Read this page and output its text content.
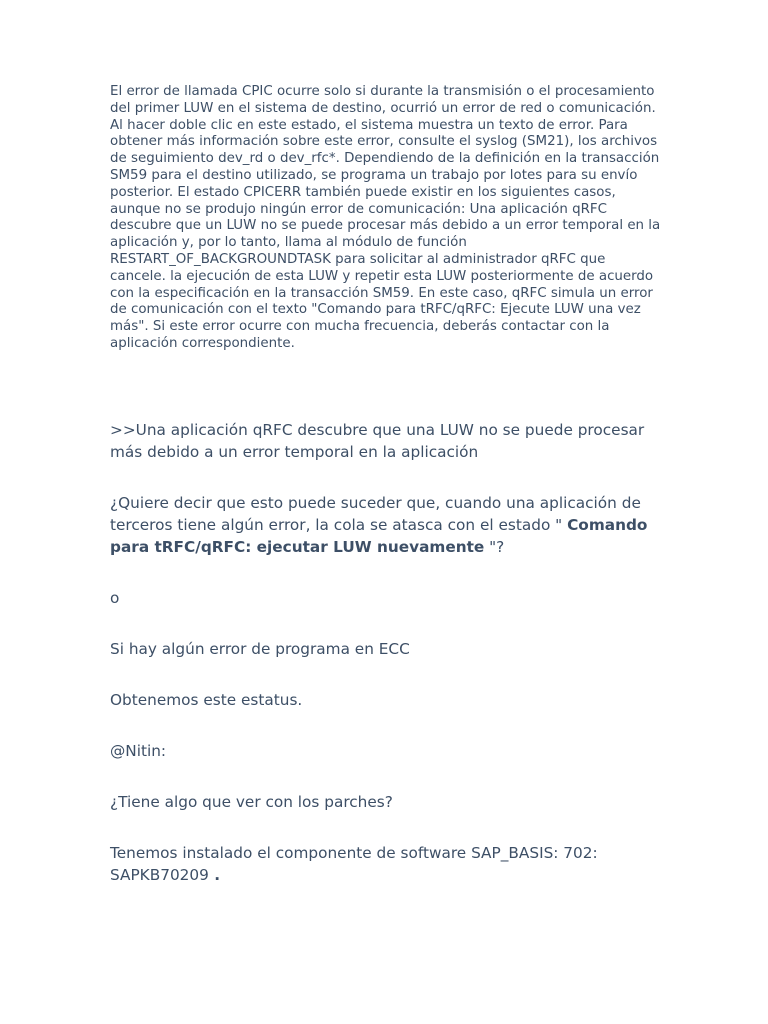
El error de llamada CPIC ocurre solo si durante la transmisión o el procesamiento del primer LUW en el sistema de destino, ocurrió un error de red o comunicación. Al hacer doble clic en este estado, el sistema muestra un texto de error. Para obtener más información sobre este error, consulte el syslog (SM21), los archivos de seguimiento dev_rd o dev_rfc*. Dependiendo de la definición en la transacción SM59 para el destino utilizado, se programa un trabajo por lotes para su envío posterior. El estado CPICERR también puede existir en los siguientes casos, aunque no se produjo ningún error de comunicación: Una aplicación qRFC descubre que un LUW no se puede procesar más debido a un error temporal en la aplicación y, por lo tanto, llama al módulo de función RESTART_OF_BACKGROUNDTASK para solicitar al administrador qRFC que cancele. la ejecución de esta LUW y repetir esta LUW posteriormente de acuerdo con la especificación en la transacción SM59. En este caso, qRFC simula un error de comunicación con el texto "Comando para tRFC/qRFC: Ejecute LUW una vez más". Si este error ocurre con mucha frecuencia, deberás contactar con la aplicación correspondiente.

>>Una aplicación qRFC descubre que una LUW no se puede procesar más debido a un error temporal en la aplicación

¿Quiere decir que esto puede suceder que, cuando una aplicación de terceros tiene algún error, la cola se atasca con el estado " Comando para tRFC/qRFC: ejecutar LUW nuevamente "?

o

Si hay algún error de programa en ECC

Obtenemos este estatus.

@Nitin:

¿Tiene algo que ver con los parches?

Tenemos instalado el componente de software SAP_BASIS: 702: SAPKB70209 .
